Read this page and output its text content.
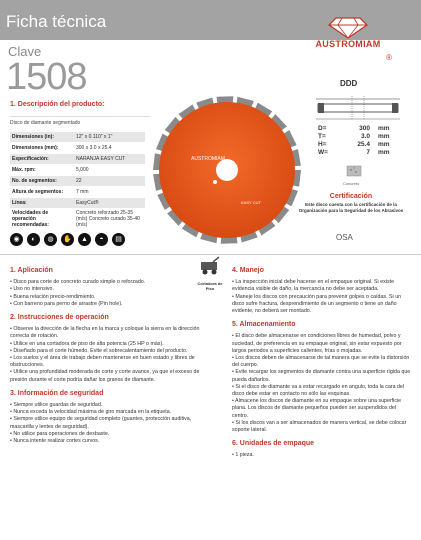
Ficha técnica
AUSTROMIAM
®
Clave
1508
1. Descripción del producto:
Disco de diamante segmentado
Dimensiones (in):	12" x 0.110" x 1"
Dimensiones (mm):	300 x 3.0 x 25.4
Especificación:	NARANJA EASY CUT
Máx. rpm:	5,000
No. de segmentos:	22
Altura de segmentos:	7 mm
Línea:	EasyCut®
Velocidades de operación recomendadas:	Concreto reforzado 25-35 (m/s) Concreto curado 35-40 (m/s)
◉	◐	◍	✋	▲	◓	▤
AUSTROMIAM
EASY CUT
DDD
D=	300	mm
T=	3.0	mm
H=	25.4	mm
W=	7	mm
Concreto
Certificación
Este disco cuenta con la certificación de la Organización para la Seguridad de los Abrasivos
OSA
Cortadora de Piso
1. Aplicación

• Disco para corte de concreto curado simple o reforzado.

• Uso no intensivo.

• Buena relación precio-rendimiento.

• Con barreno para perno de arrastre (Pin hole).

2. Instrucciones de operación

• Observe la dirección de la flecha en la marca y coloque la sierra en la dirección correcta de rotación.

• Utilice en una cortadora de piso de alta potencia (25 HP o más).

• Diseñado para el corte húmedo. Evite el sobrecalentamiento del producto.

• Los suelos y el área de trabajo deben mantenerse en buen estado y libres de obstrucciones.

• Utilice una profundidad moderada de corte y corte avance, ya que el exceso de presión durante el corte podría dañar los granos de diamante.

3. Información de seguridad

• Siempre utilice guardas de seguridad.

• Nunca exceda la velocidad máxima de giro marcada en la etiqueta.

• Siempre utilice equipo de seguridad completo (guantes, protección auditiva, mascarilla y lentes de seguridad).

• No utilice para operaciones de desbaste.

• Nunca intente realizar cortes curvos.

4. Manejo

• La inspección inicial debe hacerse en el empaque original. Si existe evidencia visible de daño, la mercancía no debe ser aceptada.

• Maneje los discos con precaución para prevenir golpes o caídas. Si un disco sufre fractura, desprendimiento de un segmento o tiene un daño evidente, no deberá ser montado.

5. Almacenamiento

• El disco debe almacenarse en condiciones libres de humedad, polvo y suciedad, de preferencia en su empaque original, sin estar expuesto por largos periodos a superficies calientes, frías o mojadas.

• Los discos deben de almacenarse de tal manera que se evite la distorsión del cuerpo.

• Evite recargar los segmentos de diamante contra una superficie rígida que pueda dañarlos.

• Si el disco de diamante va a estar recargado en angulo, toda la cara del disco debe estar en contacto no sólo las esquinas.

• Almacene los discos de diamante en su empaque sobre una superficie plana. Los discos de diamante pequeños pueden ser suspendidos del centro.

• Si los discos van a ser almacenados de manera vertical, se debe colocar soporte lateral.

6. Unidades de empaque

• 1 pieza.
